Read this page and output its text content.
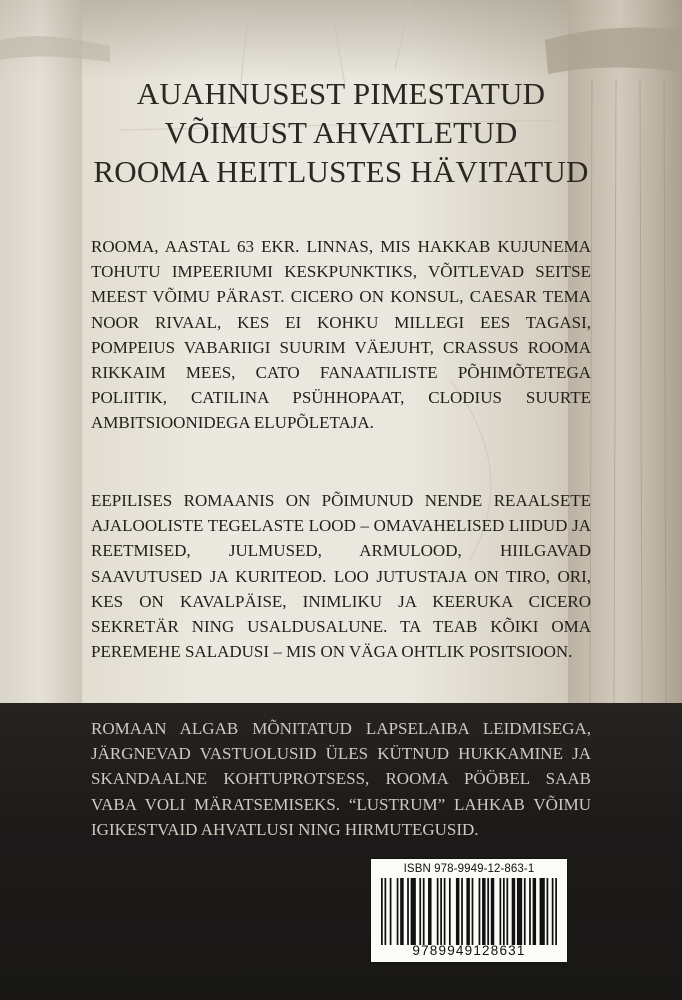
AUAHNUSEST PIMESTATUD
VÕIMUST AHVATLETUD
ROOMA HEITLUSTES HÄVITATUD

ROOMA, AASTAL 63 EKR. LINNAS, MIS HAKKAB KUJUNEMA TOHUTU IMPEERIUMI KESKPUNKTIKS, VÕITLEVAD SEITSE MEEST VÕIMU PÄRAST. CICERO ON KONSUL, CAESAR TEMA NOOR RIVAAL, KES EI KOHKU MILLEGI EES TAGASI, POMPEIUS VABARIIGI SUURIM VÄEJUHT, CRASSUS ROOMA RIKKAIM MEES, CATO FANAATILISTE PÕHIMÕTETEGA POLIITIK, CATILINA PSÜHHOPAAT, CLODIUS SUURTE AMBITSIOONIDEGA ELUPÕLETAJA.

EEPILISES ROMAANIS ON PÕIMUNUD NENDE REAALSETE AJALOOLISTE TEGELASTE LOOD – OMAVAHELISED LIIDUD JA REETMISED, JULMUSED, ARMULOOD, HIILGAVAD SAAVUTUSED JA KURITEOD. LOO JUTUSTAJA ON TIRO, ORI, KES ON KAVALPÄISE, INIMLIKU JA KEERUKA CICERO SEKRETÄR NING USALDUSALUNE. TA TEAB KÕIKI OMA PEREMEHE SALADUSI – MIS ON VÄGA OHTLIK POSITSIOON.

ROMAAN ALGAB MÕNITATUD LAPSELAIBA LEIDMISEGA, JÄRGNEVAD VASTUOLUSID ÜLES KÜTNUD HUKKAMINE JA SKANDAALNE KOHTUPROTSESS, ROOMA PÖÖBEL SAAB VABA VOLI MÄRATSEMISEKS. “LUSTRUM” LAHKAB VÕIMU IGIKESTVAID AHVATLUSI NING HIRMUTEGUSID.

ISBN 978-9949-12-863-1
9789949128631
